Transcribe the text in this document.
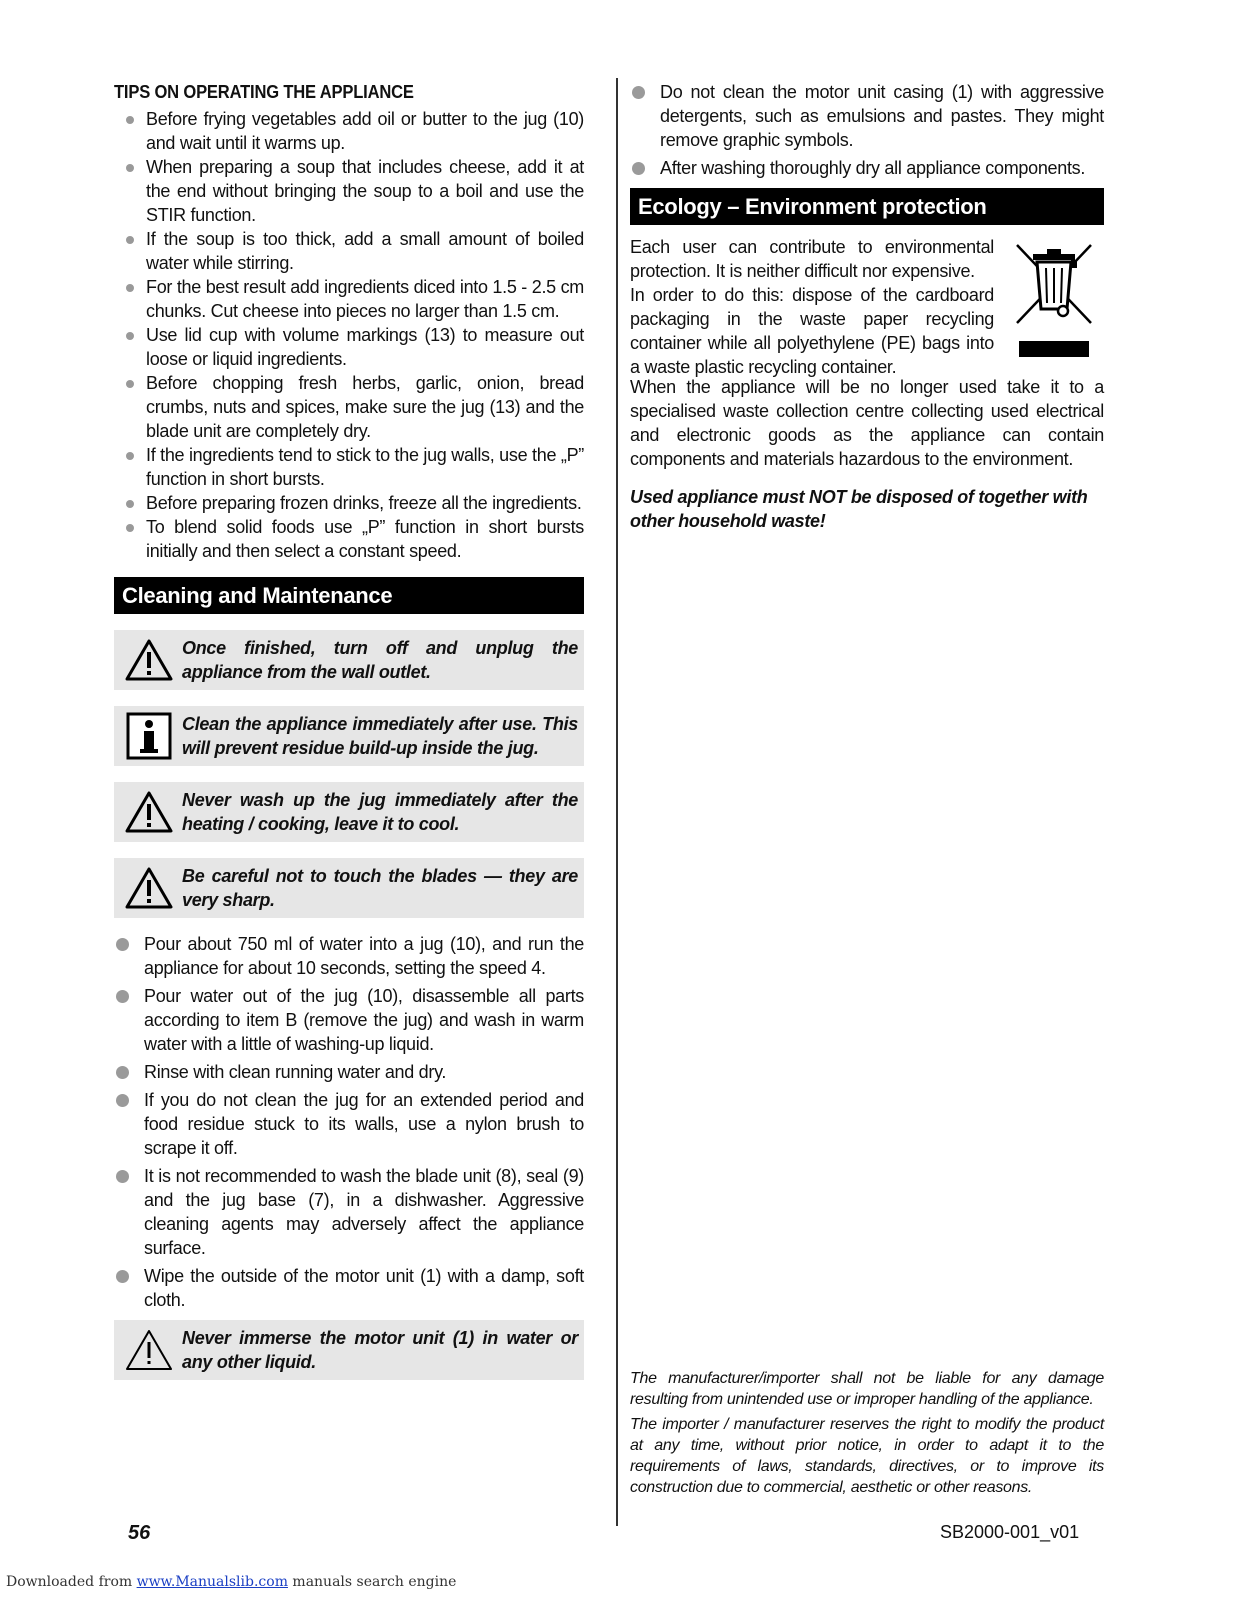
TIPS ON OPERATING THE APPLIANCE
Before frying vegetables add oil or butter to the jug (10) and wait until it warms up.
When preparing a soup that includes cheese, add it at the end without bringing the soup to a boil and use the STIR function.
If the soup is too thick, add a small amount of boiled water while stirring.
For the best result add ingredients diced into 1.5 - 2.5 cm chunks. Cut cheese into pieces no larger than 1.5 cm.
Use lid cup with volume markings (13) to measure out loose or liquid ingredients.
Before chopping fresh herbs, garlic, onion, bread crumbs, nuts and spices, make sure the jug (13) and the blade unit are completely dry.
If the ingredients tend to stick to the jug walls, use the „P” function in short bursts.
Before preparing frozen drinks, freeze all the ingredients.
To blend solid foods use „P” function in short bursts initially and then select a constant speed.
Cleaning and Maintenance
Once finished, turn off and unplug the appliance from the wall outlet.
Clean the appliance immediately after use. This will prevent residue build-up inside the jug.
Never wash up the jug immediately after the heating / cooking, leave it to cool.
Be careful not to touch the blades — they are very sharp.
Pour about 750 ml of water into a jug (10), and run the appliance for about 10 seconds, setting the speed 4.
Pour water out of the jug (10), disassemble all parts according to item B (remove the jug) and wash in warm water with a little of washing-up liquid.
Rinse with clean running water and dry.
If you do not clean the jug for an extended period and food residue stuck to its walls, use a nylon brush to scrape it off.
It is not recommended to wash the blade unit (8), seal (9) and the jug base (7), in a dishwasher. Aggressive cleaning agents may adversely affect the appliance surface.
Wipe the outside of the motor unit (1) with a damp, soft cloth.
Never immerse the motor unit (1) in water or any other liquid.
Do not clean the motor unit casing (1) with aggressive detergents, such as emulsions and pastes. They might remove graphic symbols.
After washing thoroughly dry all appliance components.
Ecology – Environment protection

Each user can contribute to environmental protection. It is neither difficult nor expensive.

In order to do this: dispose of the cardboard packaging in the waste paper recycling container while all polyethylene (PE) bags into a waste plastic recycling container.

When the appliance will be no longer used take it to a specialised waste collection centre collecting used electrical and electronic goods as the appliance can contain components and materials hazardous to the environment.

Used appliance must NOT be disposed of together with other household waste!

The manufacturer/importer shall not be liable for any damage resulting from unintended use or improper handling of the appliance.

The importer / manufacturer reserves the right to modify the product at any time, without prior notice, in order to adapt it to the requirements of laws, standards, directives, or to improve its construction due to commercial, aesthetic or other reasons.

56	SB2000-001_v01
Downloaded from www.Manualslib.com manuals search engine
